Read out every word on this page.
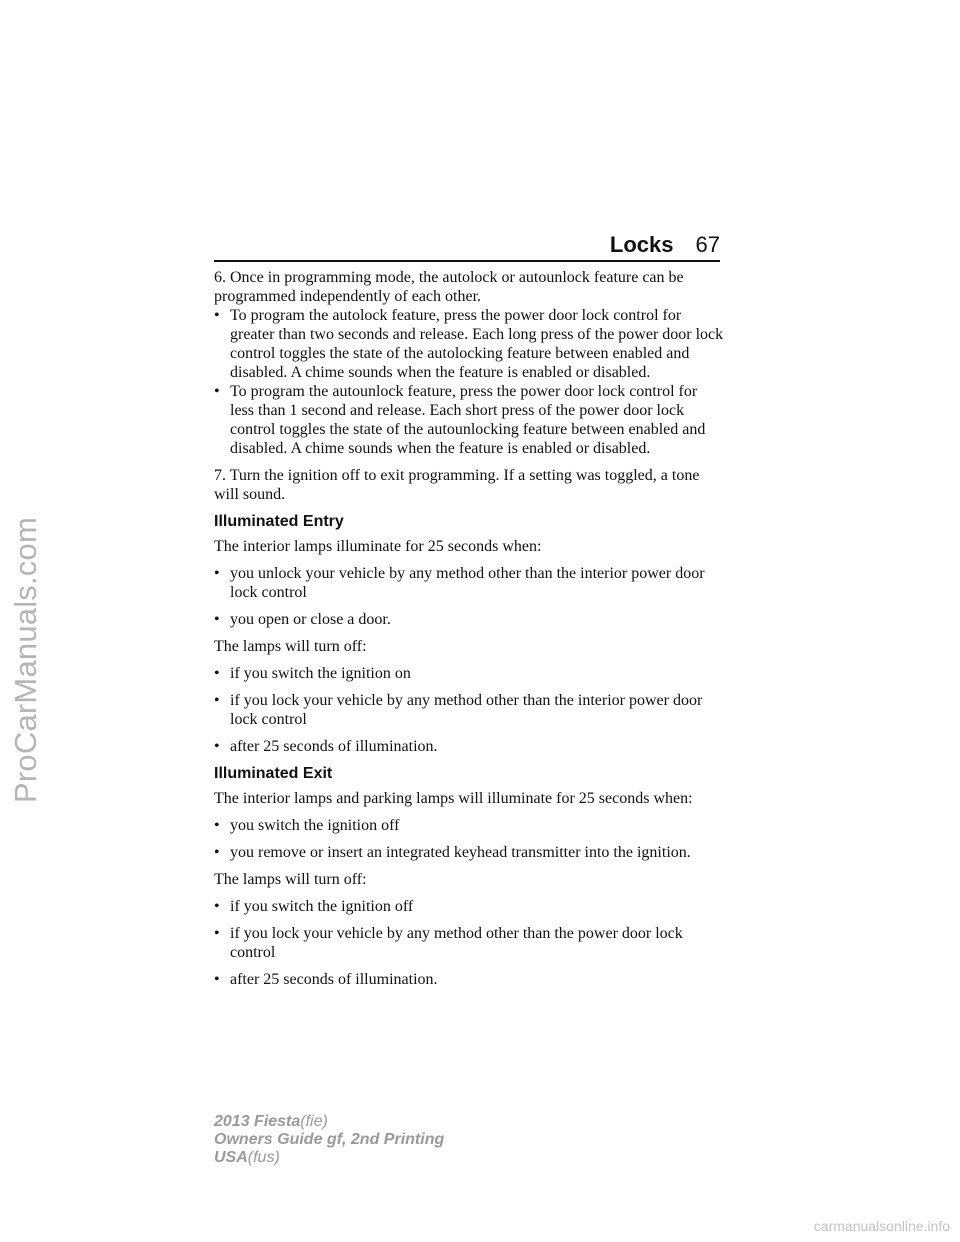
ProCarManuals.com
Locks 67

6. Once in programming mode, the autolock or autounlock feature can be programmed independently of each other.

• To program the autolock feature, press the power door lock control for greater than two seconds and release. Each long press of the power door lock control toggles the state of the autolocking feature between enabled and disabled. A chime sounds when the feature is enabled or disabled.
• To program the autounlock feature, press the power door lock control for less than 1 second and release. Each short press of the power door lock control toggles the state of the autounlocking feature between enabled and disabled. A chime sounds when the feature is enabled or disabled.

7. Turn the ignition off to exit programming. If a setting was toggled, a tone will sound.

Illuminated Entry

The interior lamps illuminate for 25 seconds when:

• you unlock your vehicle by any method other than the interior power door lock control
• you open or close a door.

The lamps will turn off:

• if you switch the ignition on
• if you lock your vehicle by any method other than the interior power door lock control
• after 25 seconds of illumination.
Illuminated Exit

The interior lamps and parking lamps will illuminate for 25 seconds when:

• you switch the ignition off
• you remove or insert an integrated keyhead transmitter into the ignition.

The lamps will turn off:

• if you switch the ignition off
• if you lock your vehicle by any method other than the power door lock control
• after 25 seconds of illumination.
2013 Fiesta(fie)
Owners Guide gf, 2nd Printing
USA(fus)
carmanualsonline.info
